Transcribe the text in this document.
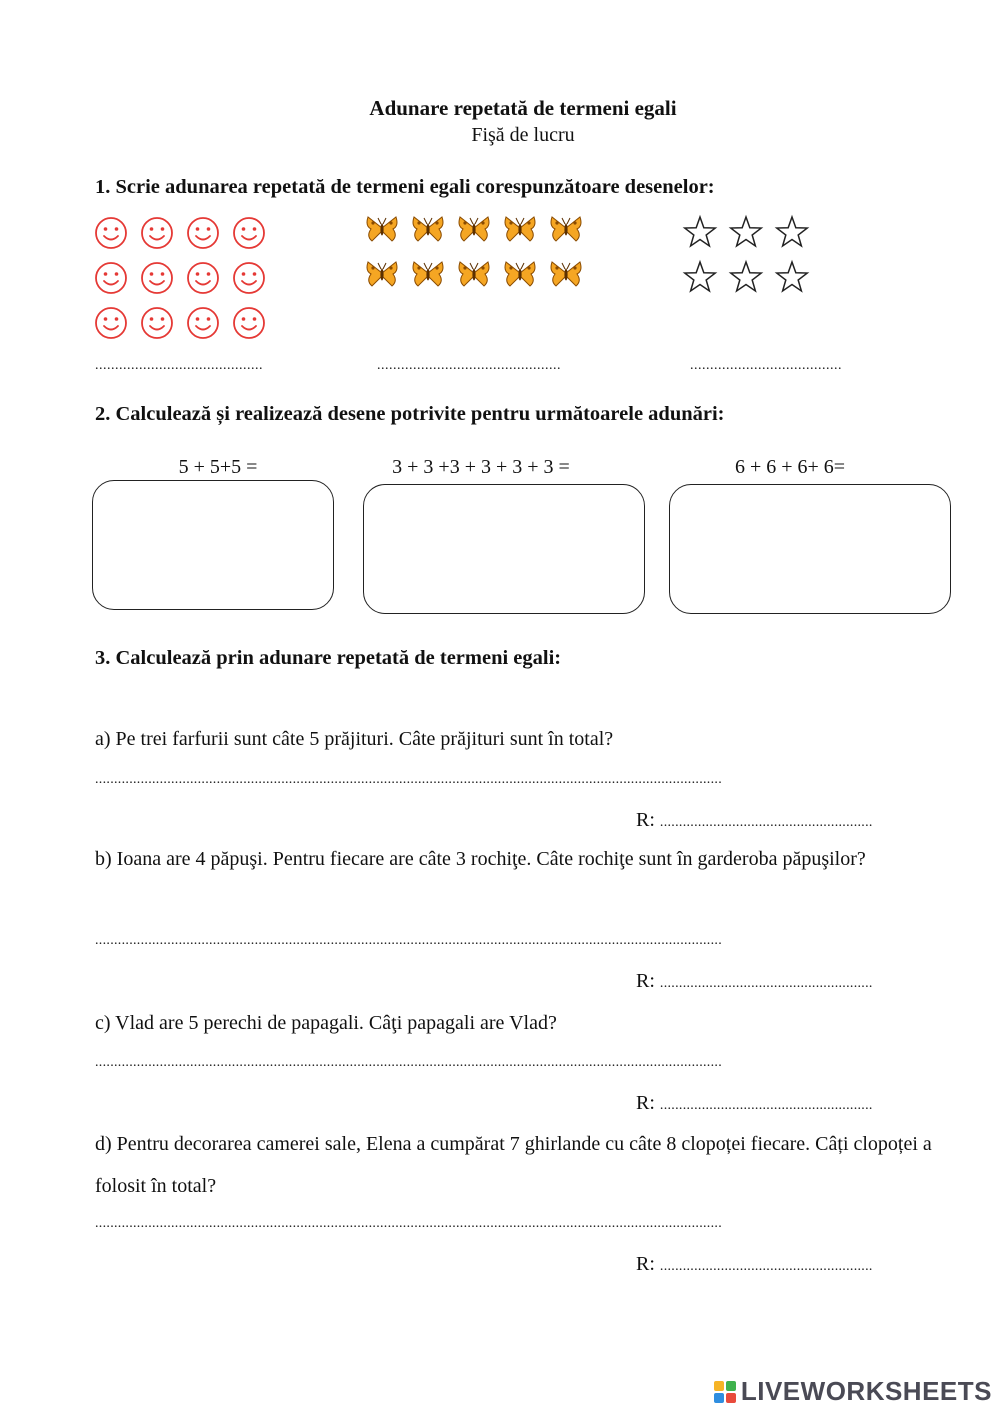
Adunare repetată de termeni egali
Fişă de lucru
1. Scrie adunarea repetată de termeni egali corespunzătoare desenelor:
..........................................	..............................................	......................................
2. Calculează și realizează desene potrivite pentru următoarele adunări:
5 + 5+5 =	3 + 3 +3 + 3 + 3 + 3 =	6 + 6 + 6+ 6=
3. Calculează prin adunare repetată de termeni egali:
a) Pe trei farfurii sunt câte 5 prăjituri. Câte prăjituri sunt în total?
.....................................................................................................................................................................
R: ........................................................
b) Ioana are 4 păpuşi. Pentru fiecare are câte 3 rochiţe. Câte rochiţe sunt în garderoba păpuşilor?
.....................................................................................................................................................................
R: ........................................................
c) Vlad are 5 perechi de papagali. Câţi papagali are Vlad?
.....................................................................................................................................................................
R: ........................................................
d) Pentru decorarea camerei sale, Elena a cumpărat 7 ghirlande cu câte 8 clopoței fiecare. Câți clopoței a folosit în total?
.....................................................................................................................................................................
R: ........................................................
LIVEWORKSHEETS
